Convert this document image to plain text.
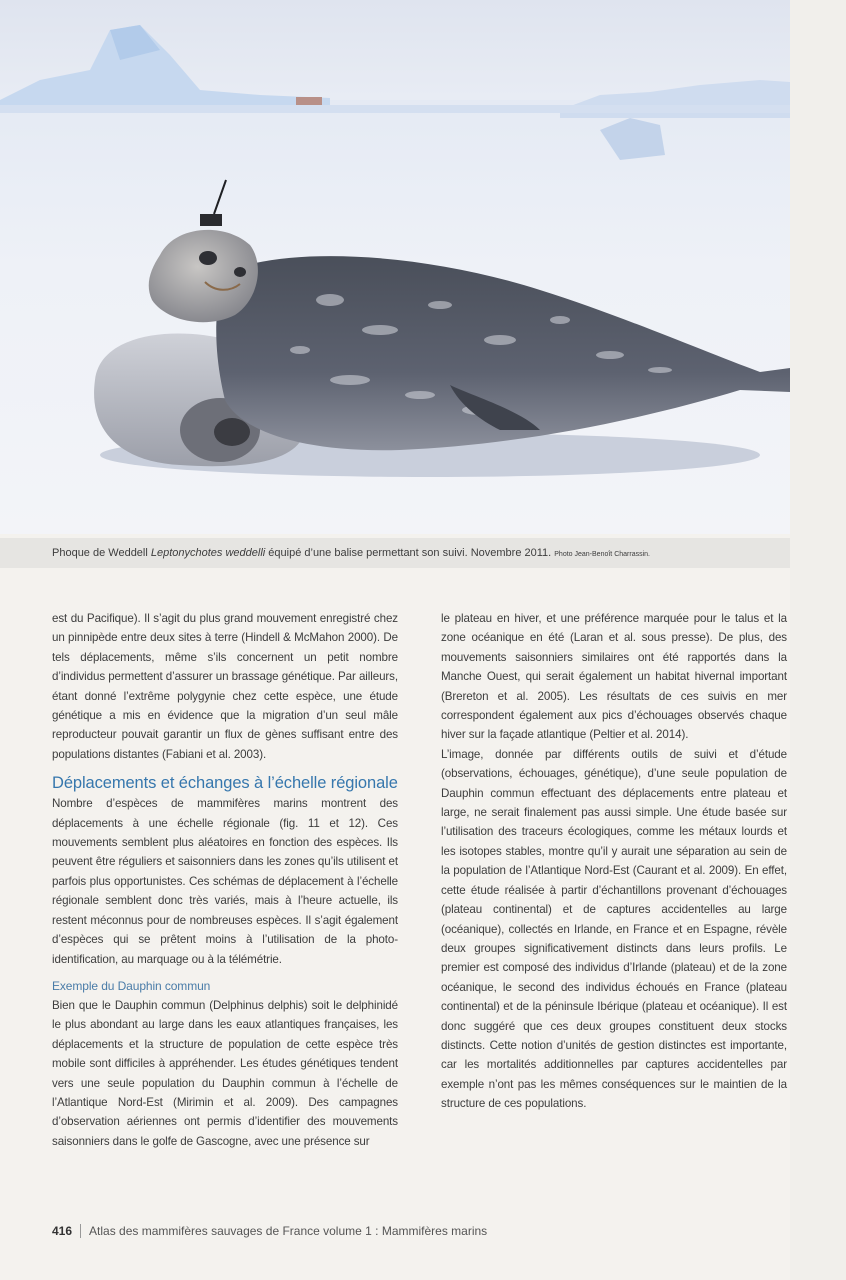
Phoque de Weddell Leptonychotes weddelli équipé d’une balise permettant son suivi. Novembre 2011. Photo Jean-Benoît Charrassin.

est du Pacifique). Il s’agit du plus grand mouvement enregistré chez un pinnipède entre deux sites à terre (Hindell & McMahon 2000). De tels déplacements, même s’ils concernent un petit nombre d’individus permettent d’assurer un brassage génétique. Par ailleurs, étant donné l’extrême polygynie chez cette espèce, une étude génétique a mis en évidence que la migration d’un seul mâle reproducteur pouvait garantir un flux de gènes suffisant entre des populations distantes (Fabiani et al. 2003).

Déplacements et échanges à l’échelle régionale

Nombre d’espèces de mammifères marins montrent des déplacements à une échelle régionale (fig. 11 et 12). Ces mouvements semblent plus aléatoires en fonction des espèces. Ils peuvent être réguliers et saisonniers dans les zones qu’ils utilisent et parfois plus opportunistes. Ces schémas de déplacement à l’échelle régionale semblent donc très variés, mais à l’heure actuelle, ils restent méconnus pour de nombreuses espèces. Il s’agit également d’espèces qui se prêtent moins à l’utilisation de la photo-identification, au marquage ou à la télémétrie.

Exemple du Dauphin commun

Bien que le Dauphin commun (Delphinus delphis) soit le delphinidé le plus abondant au large dans les eaux atlantiques françaises, les déplacements et la structure de population de cette espèce très mobile sont difficiles à appréhender. Les études génétiques tendent vers une seule population du Dauphin commun à l’échelle de l’Atlantique Nord-Est (Mirimin et al. 2009). Des campagnes d’observation aériennes ont permis d’identifier des mouvements saisonniers dans le golfe de Gascogne, avec une présence sur

le plateau en hiver, et une préférence marquée pour le talus et la zone océanique en été (Laran et al. sous presse). De plus, des mouvements saisonniers similaires ont été rapportés dans la Manche Ouest, qui serait également un habitat hivernal important (Brereton et al. 2005). Les résultats de ces suivis en mer correspondent également aux pics d’échouages observés chaque hiver sur la façade atlantique (Peltier et al. 2014).

L’image, donnée par différents outils de suivi et d’étude (observations, échouages, génétique), d’une seule population de Dauphin commun effectuant des déplacements entre plateau et large, ne serait finalement pas aussi simple. Une étude basée sur l’utilisation des traceurs écologiques, comme les métaux lourds et les isotopes stables, montre qu’il y aurait une séparation au sein de la population de l’Atlantique Nord-Est (Caurant et al. 2009). En effet, cette étude réalisée à partir d’échantillons provenant d’échouages (plateau continental) et de captures accidentelles au large (océanique), collectés en Irlande, en France et en Espagne, révèle deux groupes significativement distincts dans leurs profils. Le premier est composé des individus d’Irlande (plateau) et de la zone océanique, le second des individus échoués en France (plateau continental) et de la péninsule Ibérique (plateau et océanique). Il est donc suggéré que ces deux groupes constituent deux stocks distincts. Cette notion d’unités de gestion distinctes est importante, car les mortalités additionnelles par captures accidentelles par exemple n’ont pas les mêmes conséquences sur le maintien de la structure de ces populations.

416 Atlas des mammifères sauvages de France volume 1 : Mammifères marins
